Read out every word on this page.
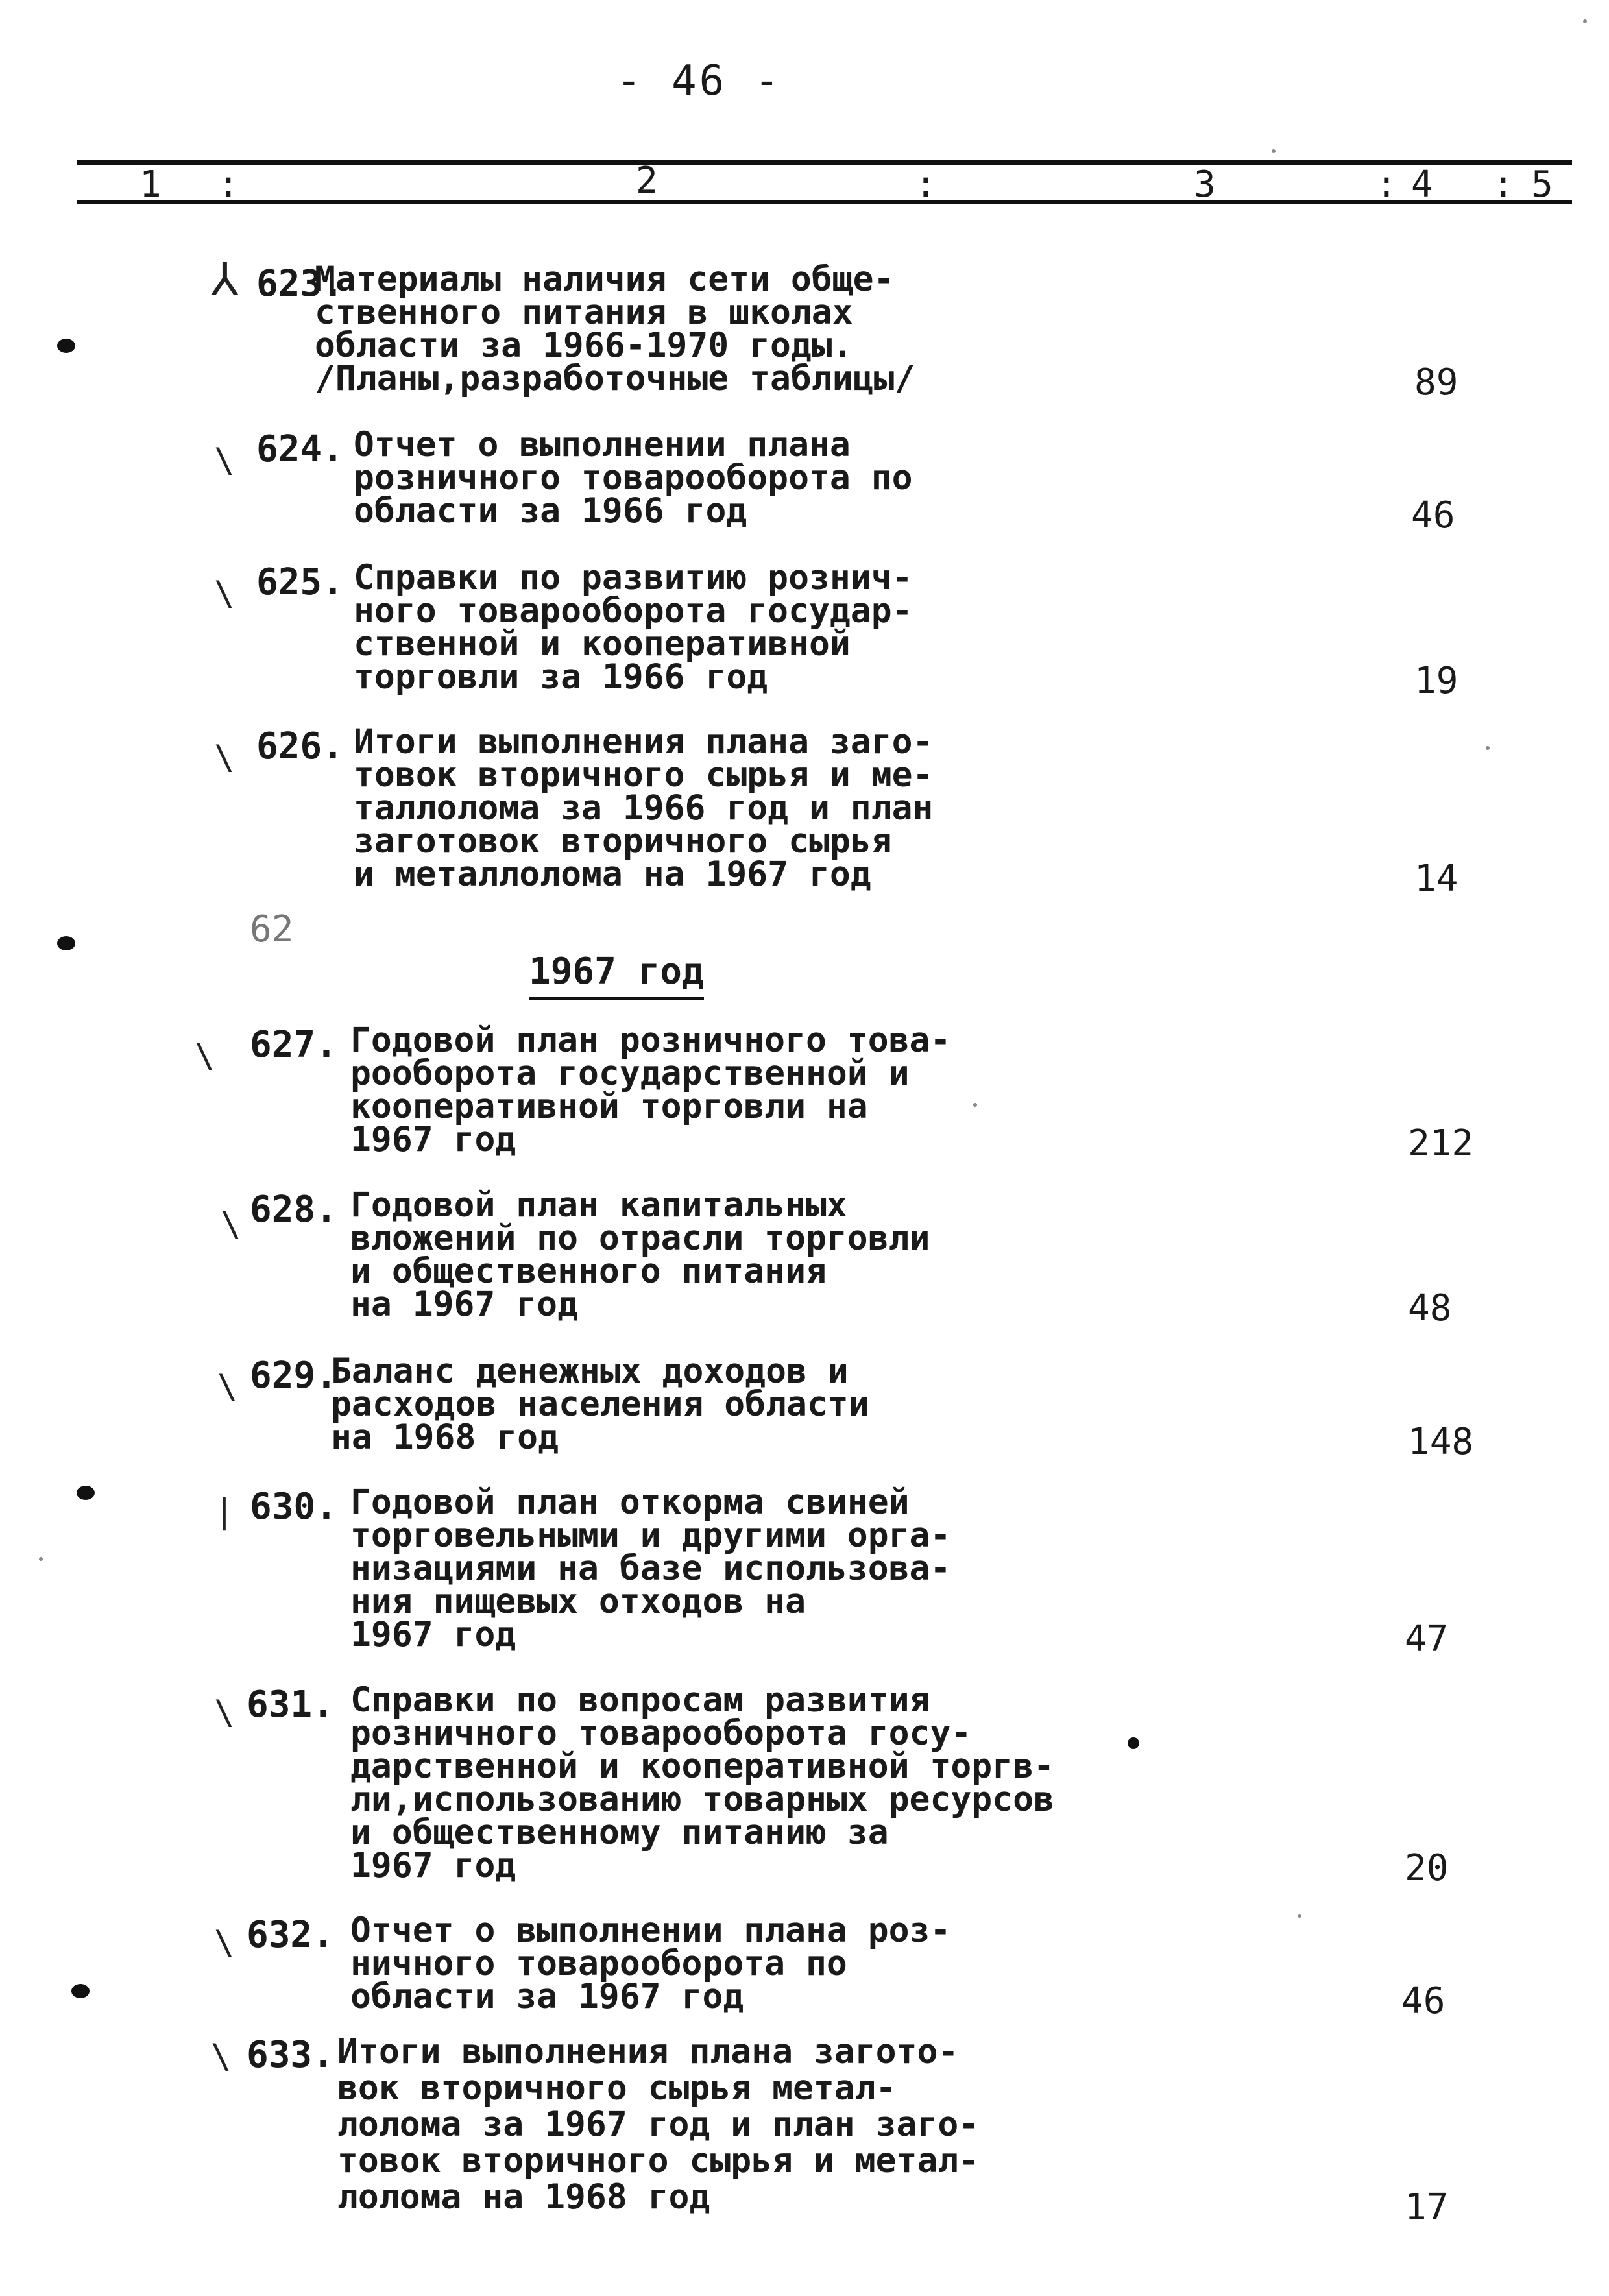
- 46 -
1 :	2	:	3	: 4 : 5
⅄ 623.
Материалы наличия сети обще-
ственного питания в школах
области за 1966-1970 годы.
/Планы,разработочные таблицы/	89
\ 624. Отчет о выполнении плана
розничного товарооборота по
области за 1966 год	46
\ 625. Справки по развитию рознич-
ного товарооборота государ-
ственной и кооперативной
торговли за 1966 год	19
\ 626. Итоги выполнения плана заго-
товок вторичного сырья и ме-
таллолома за 1966 год и план
заготовок вторичного сырья
и металлолома на 1967 год	14
62
1967 год
\ 627. Годовой план розничного това-
рооборота государственной и
кооперативной торговли на
1967 год	212
\ 628. Годовой план капитальных
вложений по отрасли торговли
и общественного питания
на 1967 год	48
\ 629.
Баланс денежных доходов и
расходов населения области
на 1968 год	148
| 630. Годовой план откорма свиней
торговельными и другими орга-
низациями на базе использова-
ния пищевых отходов на
1967 год	47
\ 631. Справки по вопросам развития
розничного товарооборота госу-
дарственной и кооперативной торгв-
ли,использованию товарных ресурсов
и общественному питанию за
1967 год	20
\ 632. Отчет о выполнении плана роз-
ничного товарооборота по
области за 1967 год	46
\ 633. Итоги выполнения плана загото-
вок вторичного сырья метал-
лолома за 1967 год и план заго-
товок вторичного сырья и метал-
лолома на 1968 год	17
